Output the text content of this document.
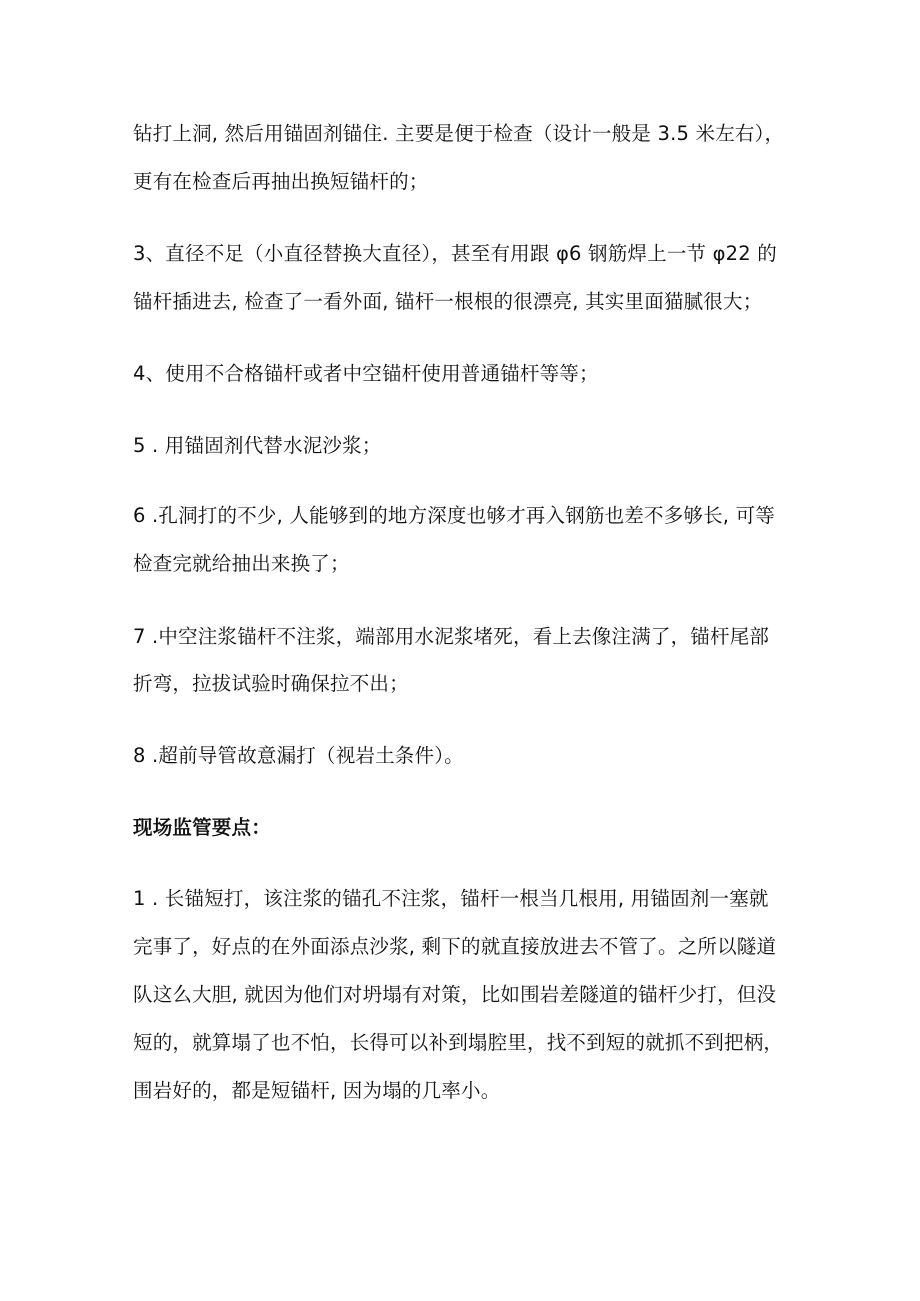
钻打上洞, 然后用锚固剂锚住. 主要是便于检查（设计一般是 3.5 米左右），
更有在检查后再抽出换短锚杆的；
3、直径不足（小直径替换大直径），甚至有用跟 φ6 钢筋焊上一节 φ22 的
锚杆插进去, 检查了一看外面, 锚杆一根根的很漂亮, 其实里面猫腻很大；
4、使用不合格锚杆或者中空锚杆使用普通锚杆等等；
5 . 用锚固剂代替水泥沙浆；
6 .孔洞打的不少, 人能够到的地方深度也够才再入钢筋也差不多够长, 可等
检查完就给抽出来换了；
7 .中空注浆锚杆不注浆，端部用水泥浆堵死，看上去像注满了，锚杆尾部
折弯，拉拔试验时确保拉不出；
8 .超前导管故意漏打（视岩土条件）。
现场监管要点：
1 . 长锚短打，该注浆的锚孔不注浆，锚杆一根当几根用, 用锚固剂一塞就
完事了，好点的在外面添点沙浆, 剩下的就直接放进去不管了。之所以隧道
队这么大胆, 就因为他们对坍塌有对策，比如围岩差隧道的锚杆少打，但没
短的，就算塌了也不怕，长得可以补到塌腔里，找不到短的就抓不到把柄，
围岩好的，都是短锚杆, 因为塌的几率小。
